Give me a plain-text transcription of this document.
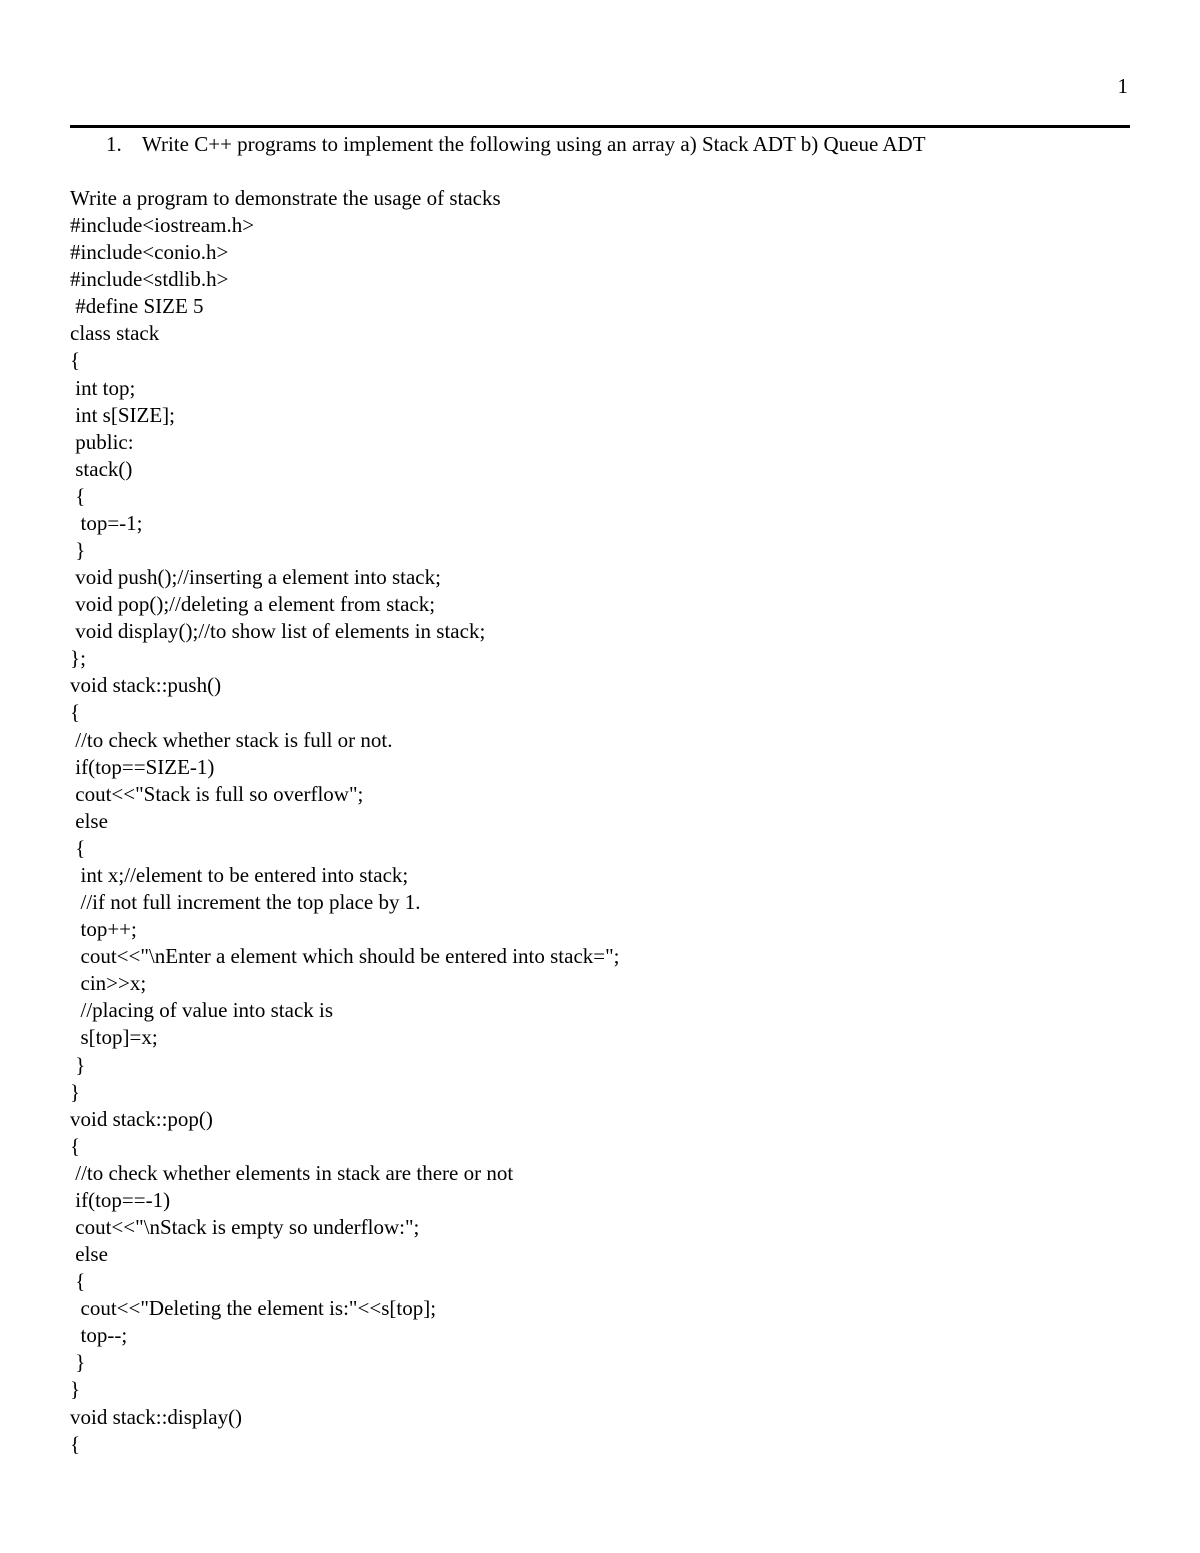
1
1. Write C++ programs to implement the following using an array a) Stack ADT b) Queue ADT
Write a program to demonstrate the usage of stacks
#include<iostream.h>
#include<conio.h>
#include<stdlib.h>
#define SIZE 5
class stack
{
int top;
int s[SIZE];
public:
stack()
{
top=-1;
}
void push();//inserting a element into stack;
void pop();//deleting a element from stack;
void display();//to show list of elements in stack;
};
void stack::push()
{
//to check whether stack is full or not.
if(top==SIZE-1)
cout<<"Stack is full so overflow";
else
{
int x;//element to be entered into stack;
//if not full increment the top place by 1.
top++;
cout<<"\nEnter a element which should be entered into stack=";
cin>>x;
//placing of value into stack is
s[top]=x;
}
}
void stack::pop()
{
//to check whether elements in stack are there or not
if(top==-1)
cout<<"\nStack is empty so underflow:";
else
{
cout<<"Deleting the element is:"<<s[top];
top--;
}
}
void stack::display()
{
